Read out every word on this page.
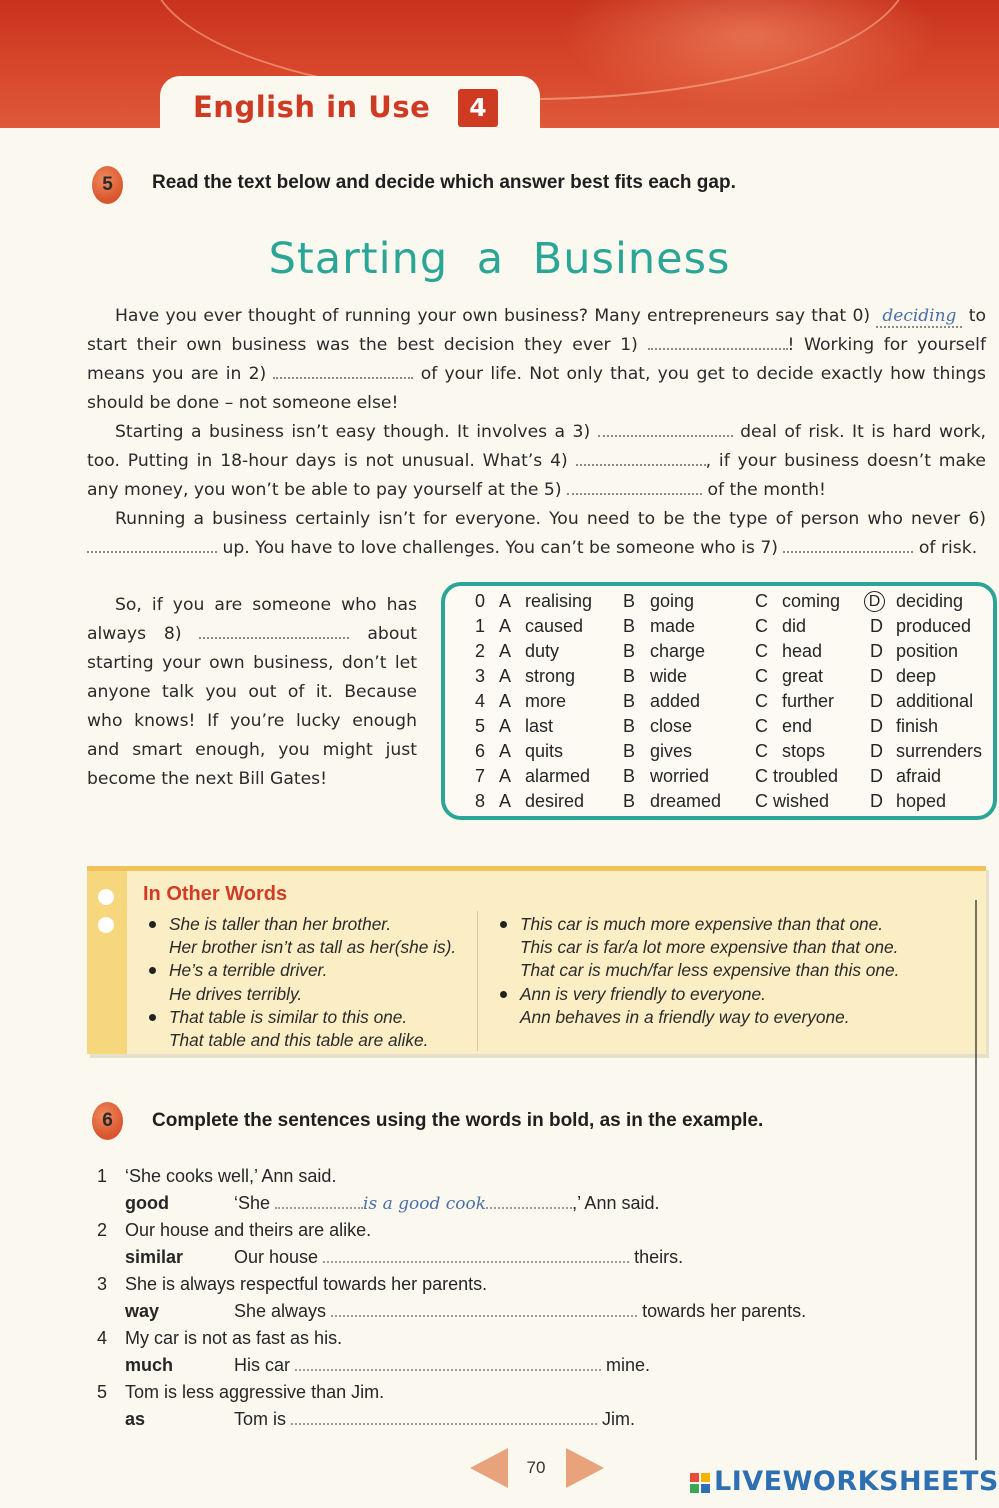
English in Use	4
5	Read the text below and decide which answer best fits each gap.
Starting a Business

Have you ever thought of running your own business? Many entrepreneurs say that 0) deciding to start their own business was the best decision they ever 1)	! Working for yourself means you are in 2)	of your life. Not only that, you get to decide exactly how things should be done – not someone else!

Starting a business isn’t easy though. It involves a 3)	deal of risk. It is hard work, too. Putting in 18-hour days is not unusual. What’s 4)	, if your business doesn’t make any money, you won’t be able to pay yourself at the 5)	of the month!

Running a business certainly isn’t for everyone. You need to be the type of person who never 6)  up. You have to love challenges. You can’t be someone who is 7)	of risk.

So, if you are someone who has always 8)	about starting your own business, don’t let anyone talk you out of it. Because who knows! If you’re lucky enough and smart enough, you might just become the next Bill Gates!

0 A realising B going	C coming D deciding
1 A caused B made	C did	D produced
2 A duty	B charge	C head	D position
3 A strong	B wide	C great	D deep
4 A more	B added	C further D additional
5 A last	B close	C end	D finish
6 A quits	B gives	C stops D surrenders
7 A alarmed B worried	C troubled D afraid
8 A desired B dreamed C wished D hoped
In Other Words
She is taller than her brother.
Her brother isn’t as tall as her(she is).
He’s a terrible driver.
He drives terribly.
That table is similar to this one.
That table and this table are alike.
This car is much more expensive than that one.
This car is far/a lot more expensive than that one.
That car is much/far less expensive than this one.
Ann is very friendly to everyone.
Ann behaves in a friendly way to everyone.
6	Complete the sentences using the words in bold, as in the example.
1 ‘She cooks well,’ Ann said.
good	‘She	is a good cook	,’ Ann said.
2 Our house and theirs are alike.
similar	Our house	theirs.
3 She is always respectful towards her parents.
way	She always	towards her parents.
4 My car is not as fast as his.
much	His car	mine.
5 Tom is less aggressive than Jim.
as	Tom is	Jim.
70	LIVEWORKSHEETS
